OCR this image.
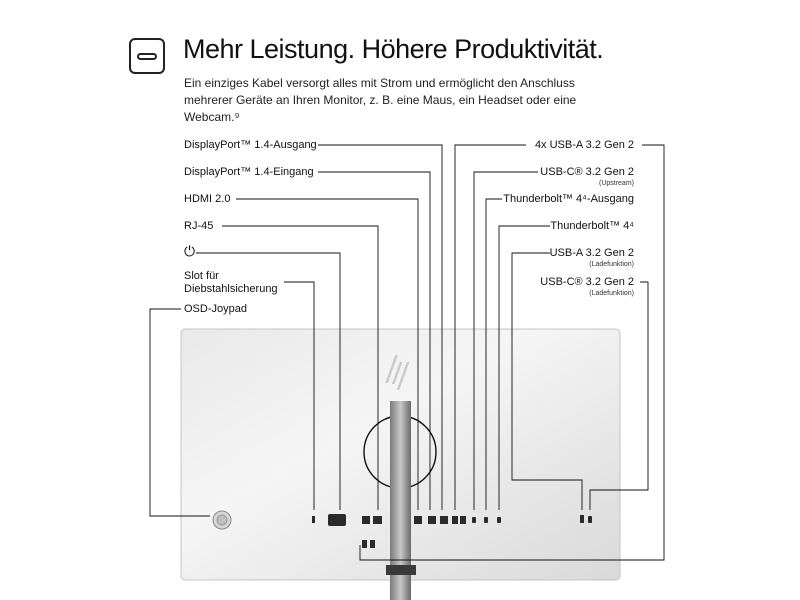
Mehr Leistung. Höhere Produktivität.
Ein einziges Kabel versorgt alles mit Strom und ermöglicht den Anschluss mehrerer Geräte an Ihren Monitor, z. B. eine Maus, ein Headset oder eine Webcam.⁹
DisplayPort™ 1.4-Ausgang
DisplayPort™ 1.4-Eingang
HDMI 2.0
RJ-45
⏻
Slot für
Diebstahlsicherung
OSD-Joypad
4x USB-A 3.2 Gen 2
USB-C® 3.2 Gen 2
(Upstream)
Thunderbolt™ 4⁴-Ausgang
Thunderbolt™ 4⁴
USB-A 3.2 Gen 2
(Ladefunktion)
USB-C® 3.2 Gen 2
(Ladefunktion)
